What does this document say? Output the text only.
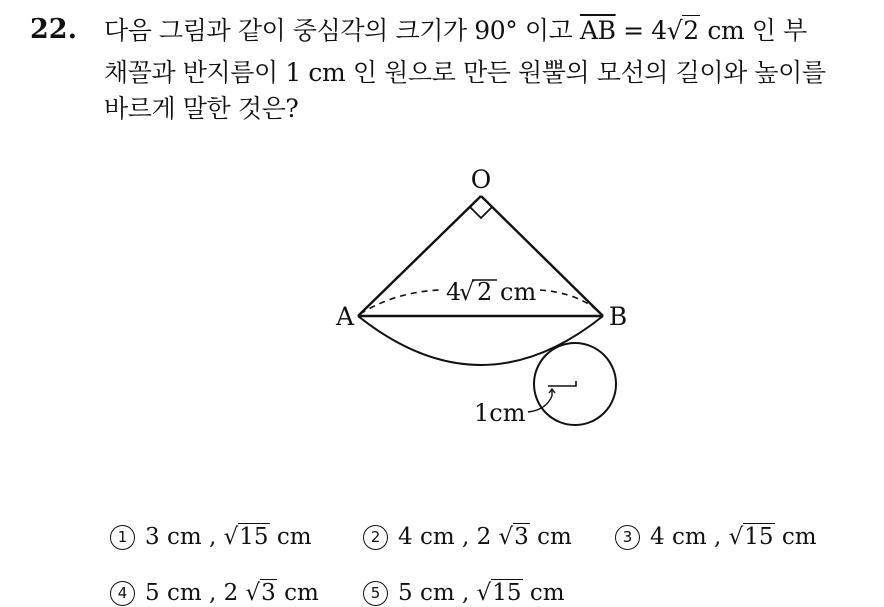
22. 다음 그림과 같이 중심각의 크기가 90° 이고 $\overline{AB} = 4√2$ cm 인 부
채꼴과 반지름이 1 cm 인 원으로 만든 원뿔의 모선의 길이와 높이를
바르게 말한 것은?
O
A	B
4
√ 2 cm
1cm
1 3 cm , √15 cm	2 4 cm , 2 √3 cm	3 4 cm , √15 cm
4 5 cm , 2 √3 cm	5 5 cm , √15 cm
